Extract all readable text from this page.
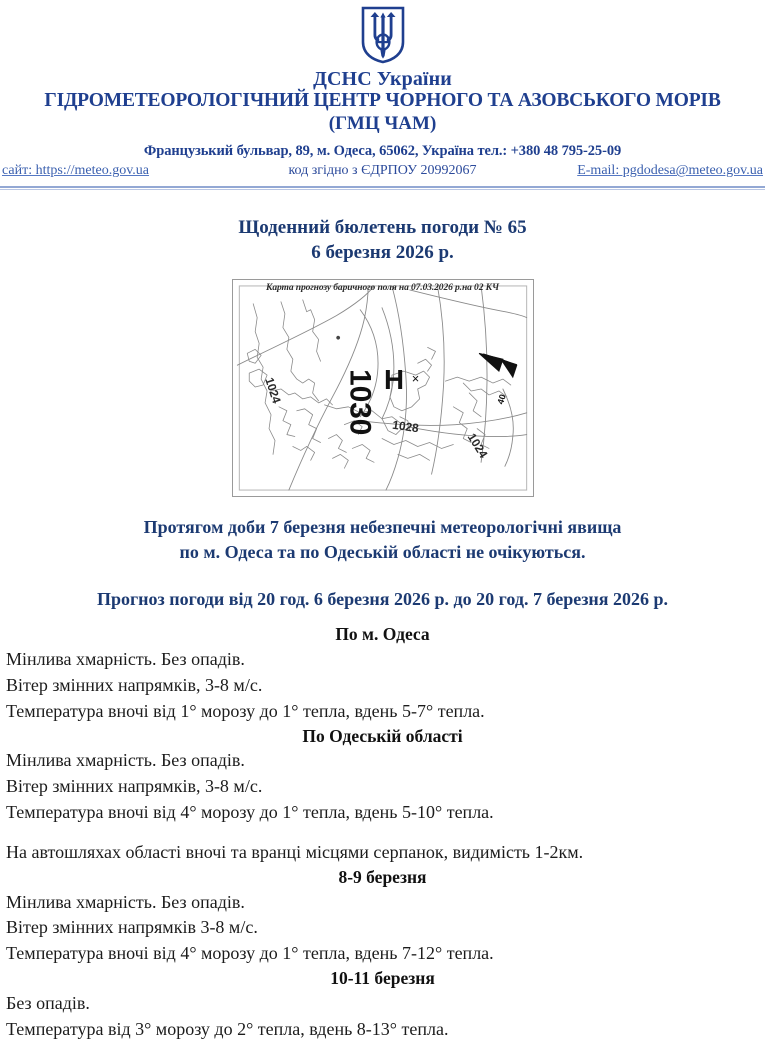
ДСНС України
ГІДРОМЕТЕОРОЛОГІЧНИЙ ЦЕНТР ЧОРНОГО ТА АЗОВСЬКОГО МОРІВ
(ГМЦ ЧАМ)
Французький бульвар, 89, м. Одеса, 65062, Україна тел.: +380 48 795-25-09
сайт: https://meteo.gov.ua	код згідно з ЄДРПОУ 20992067	E-mail: pgdodesa@meteo.gov.ua
Щоденний бюлетень погоди № 65
6 березня 2026 р.
Карта прогнозу баричного поля на 07.03.2026 р.на 02 КЧ
H ×
1030
1024
1028
1024
40
●
Протягом доби 7 березня небезпечні метеорологічні явища
по м. Одеса та по Одеській області не очікуються.
Прогноз погоди від 20 год. 6 березня 2026 р. до 20 год. 7 березня 2026 р.
По м. Одеса
Мінлива хмарність. Без опадів.
Вітер змінних напрямків, 3-8 м/с.
Температура вночі від 1° морозу до 1° тепла, вдень 5-7° тепла.
По Одеській області
Мінлива хмарність. Без опадів.
Вітер змінних напрямків, 3-8 м/с.
Температура вночі від 4° морозу до 1° тепла, вдень 5-10° тепла.
На автошляхах області вночі та вранці місцями серпанок, видимість 1-2км.
8-9 березня
Мінлива хмарність. Без опадів.
Вітер змінних напрямків 3-8 м/с.
Температура вночі від 4° морозу до 1° тепла, вдень 7-12° тепла.
10-11 березня
Без опадів.
Температура від 3° морозу до 2° тепла, вдень 8-13° тепла.
